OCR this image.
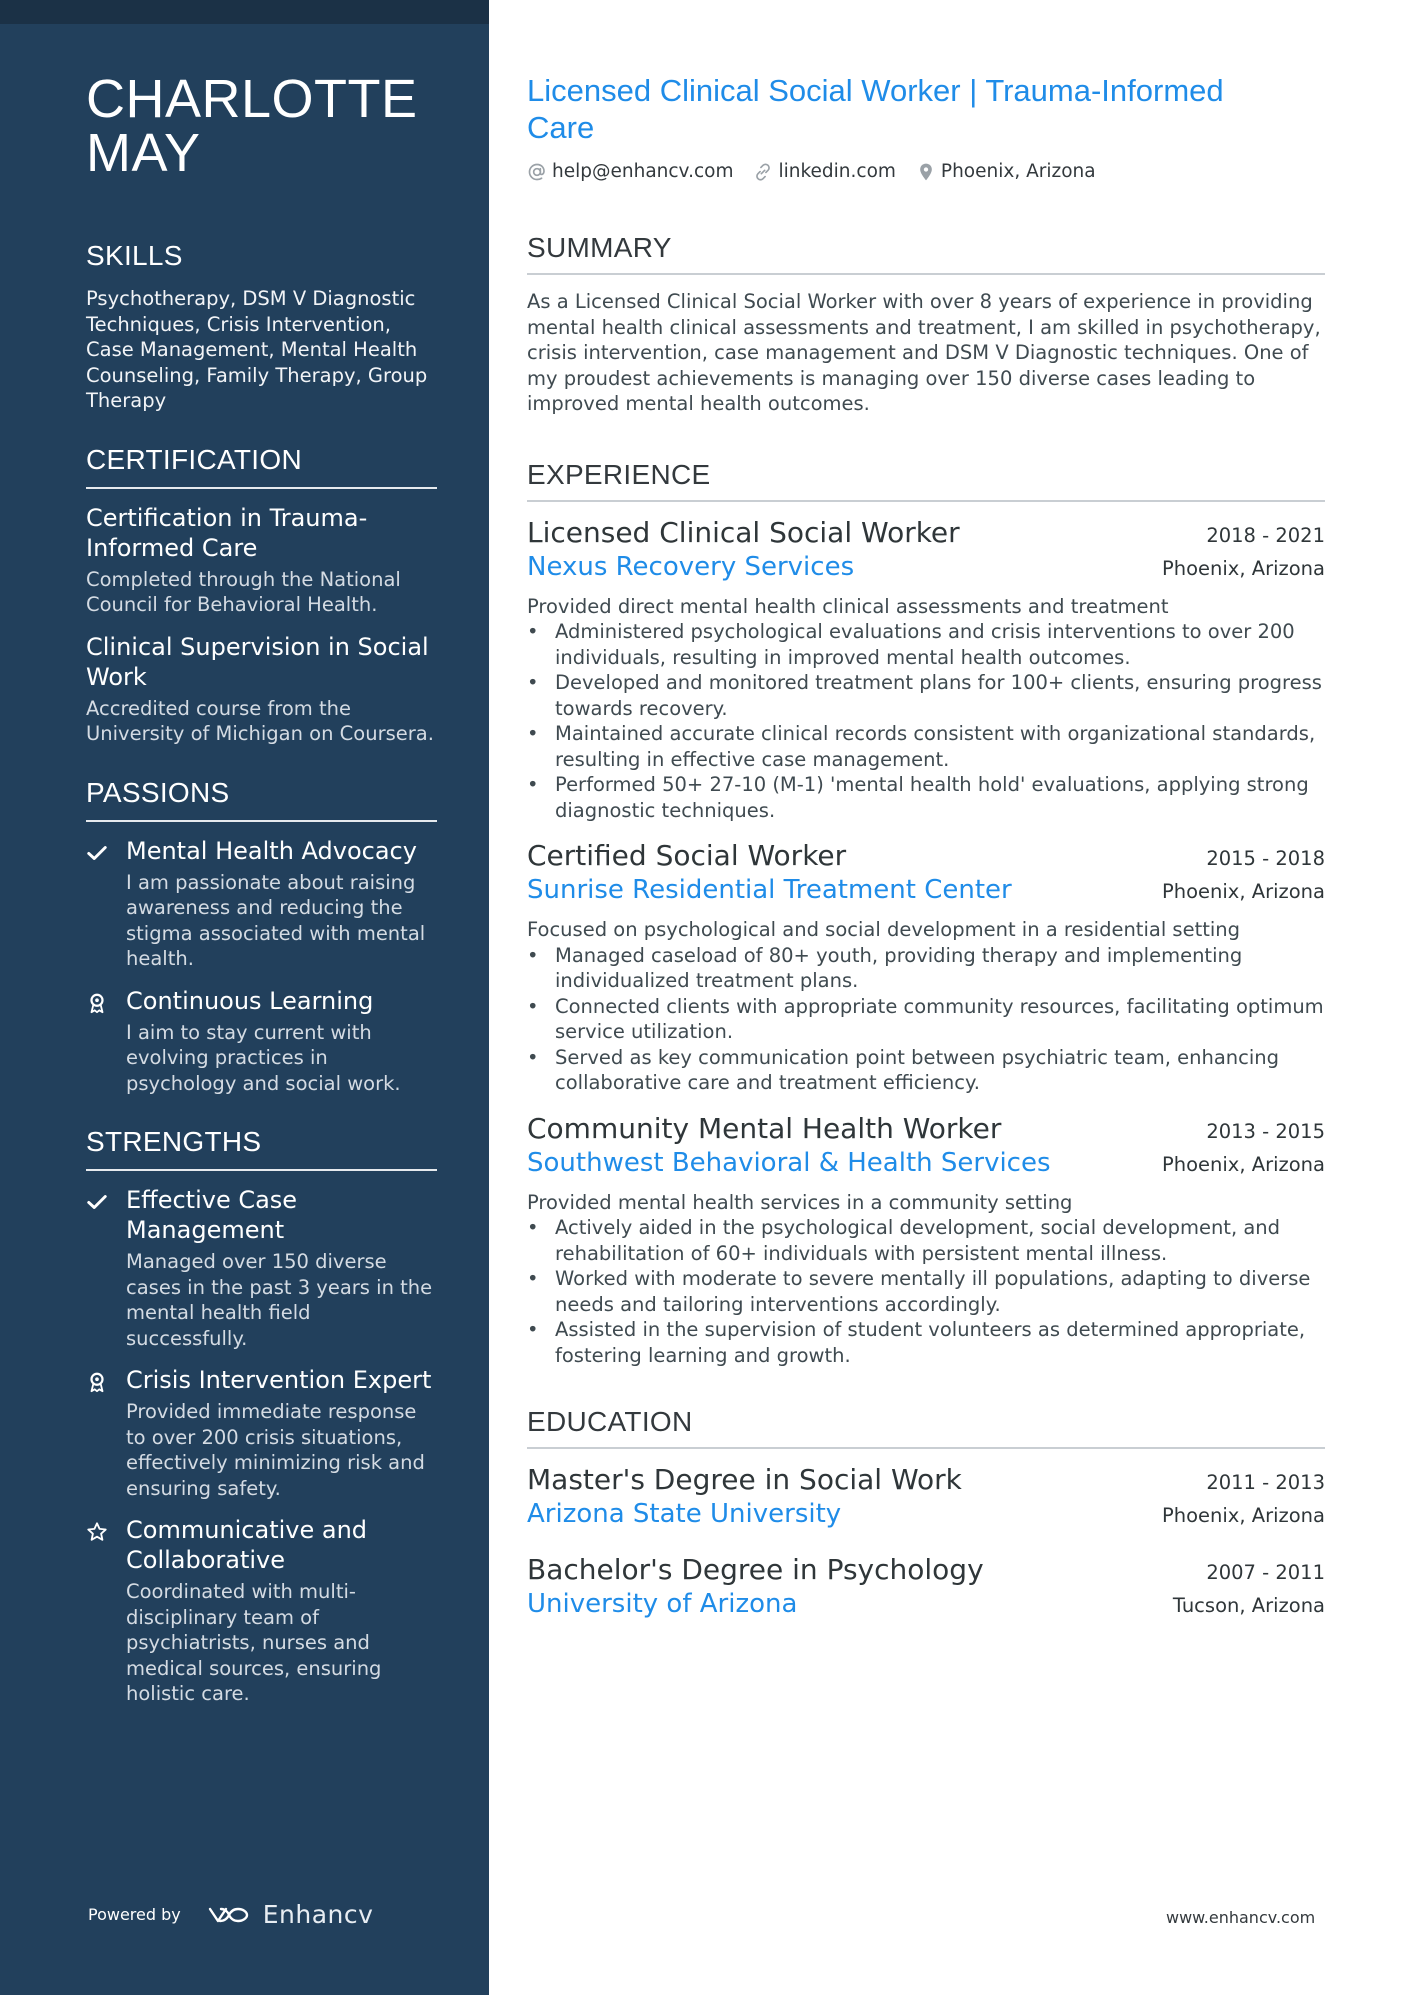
CHARLOTTE
MAY
SKILLS
Psychotherapy, DSM V Diagnostic Techniques, Crisis Intervention, Case Management, Mental Health Counseling, Family Therapy, Group Therapy
CERTIFICATION
Certification in Trauma-Informed Care
Completed through the National Council for Behavioral Health.
Clinical Supervision in Social Work
Accredited course from the University of Michigan on Coursera.
PASSIONS
Mental Health Advocacy
I am passionate about raising awareness and reducing the stigma associated with mental health.
Continuous Learning
I aim to stay current with evolving practices in psychology and social work.
STRENGTHS
Effective Case Management
Managed over 150 diverse cases in the past 3 years in the mental health field successfully.
Crisis Intervention Expert
Provided immediate response to over 200 crisis situations, effectively minimizing risk and ensuring safety.
Communicative and Collaborative
Coordinated with multi-disciplinary team of psychiatrists, nurses and medical sources, ensuring holistic care.
Powered by	Enhancv
Licensed Clinical Social Worker | Trauma-Informed Care
help@enhancv.com linkedin.com Phoenix, Arizona
SUMMARY
As a Licensed Clinical Social Worker with over 8 years of experience in providing mental health clinical assessments and treatment, I am skilled in psychotherapy, crisis intervention, case management and DSM V Diagnostic techniques. One of my proudest achievements is managing over 150 diverse cases leading to improved mental health outcomes.
EXPERIENCE
Licensed Clinical Social Worker	2018 - 2021
Nexus Recovery Services	Phoenix, Arizona
Provided direct mental health clinical assessments and treatment
• Administered psychological evaluations and crisis interventions to over 200 individuals, resulting in improved mental health outcomes.
• Developed and monitored treatment plans for 100+ clients, ensuring progress towards recovery.
• Maintained accurate clinical records consistent with organizational standards, resulting in effective case management.
• Performed 50+ 27-10 (M-1) 'mental health hold' evaluations, applying strong diagnostic techniques.
Certified Social Worker	2015 - 2018
Sunrise Residential Treatment Center	Phoenix, Arizona
Focused on psychological and social development in a residential setting
• Managed caseload of 80+ youth, providing therapy and implementing individualized treatment plans.
• Connected clients with appropriate community resources, facilitating optimum service utilization.
• Served as key communication point between psychiatric team, enhancing collaborative care and treatment efficiency.
Community Mental Health Worker	2013 - 2015
Southwest Behavioral & Health Services	Phoenix, Arizona
Provided mental health services in a community setting
• Actively aided in the psychological development, social development, and rehabilitation of 60+ individuals with persistent mental illness.
• Worked with moderate to severe mentally ill populations, adapting to diverse needs and tailoring interventions accordingly.
• Assisted in the supervision of student volunteers as determined appropriate, fostering learning and growth.
EDUCATION
Master's Degree in Social Work	2011 - 2013
Arizona State University	Phoenix, Arizona
Bachelor's Degree in Psychology	2007 - 2011
University of Arizona	Tucson, Arizona
www.enhancv.com
